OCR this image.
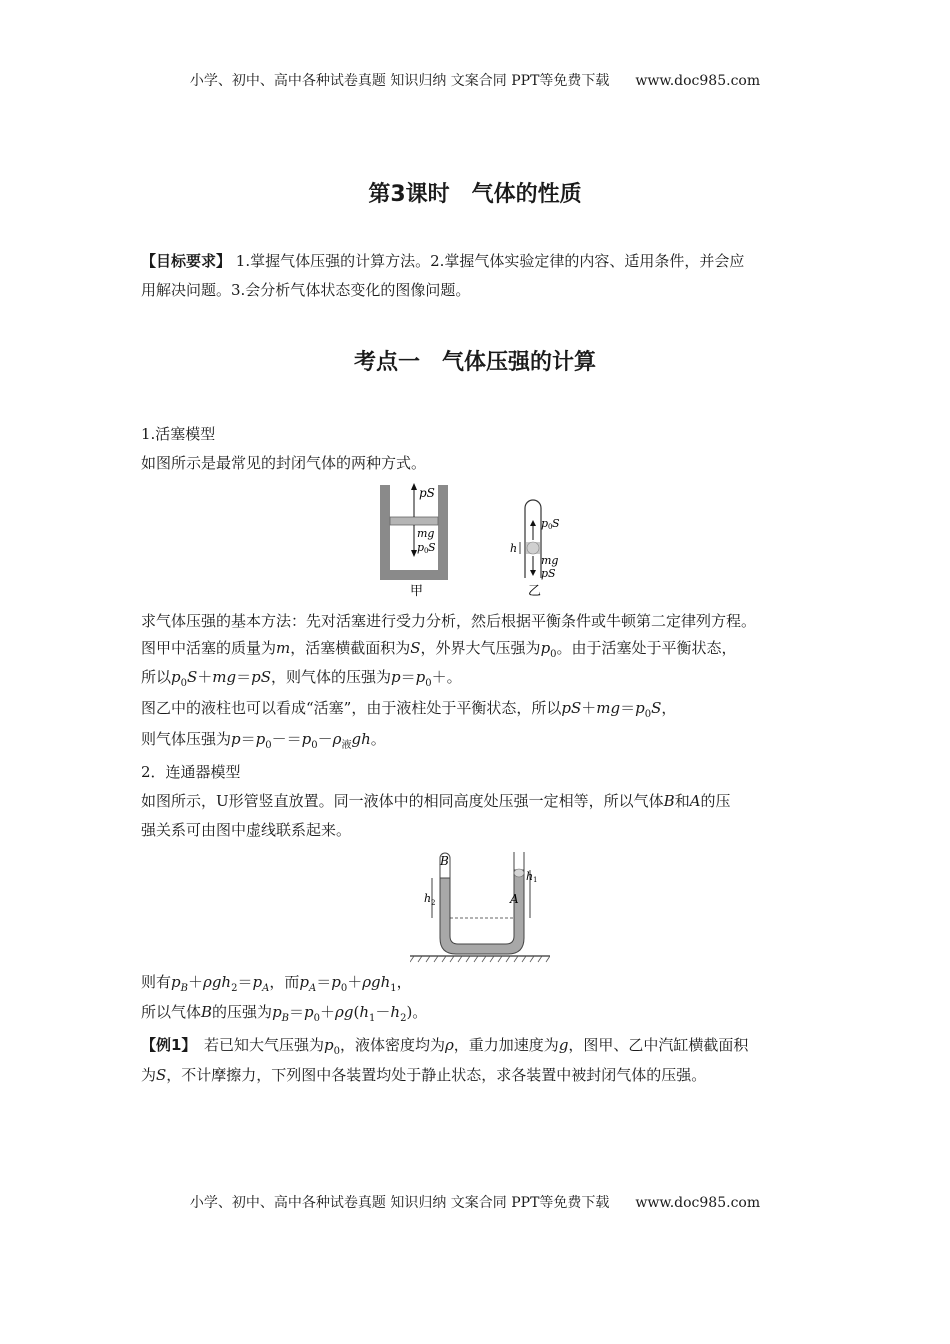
小学、初中、高中各种试卷真题 知识归纳 文案合同 PPT等免费下载 www.doc985.com
第3课时　气体的性质
【目标要求】 1.掌握气体压强的计算方法。2.掌握气体实验定律的内容、适用条件，并会应
用解决问题。3.会分析气体状态变化的图像问题。
考点一　气体压强的计算
1.活塞模型
如图所示是最常见的封闭气体的两种方式。
pS
mg
p 0 S
甲
p 0 S
mg
pS
h
乙
求气体压强的基本方法：先对活塞进行受力分析，然后根据平衡条件或牛顿第二定律列方程。
图甲中活塞的质量为m，活塞横截面积为S，外界大气压强为$p_0$。由于活塞处于平衡状态，
所以$p_0S+mg=pS$，则气体的压强为$p=p_0+$。
图乙中的液柱也可以看成“活塞”，由于液柱处于平衡状态，所以$pS+mg=p_0S$，
则气体压强为$p=p_0-=p_0-\rho_液gh$。
2．连通器模型
如图所示，U形管竖直放置。同一液体中的相同高度处压强一定相等，所以气体B和A的压
强关系可由图中虚线联系起来。
B
A
h 2
h 1
则有$p_B+\rho gh_2=p_A$，而$p_A=p_0+\rho gh_1$，
所以气体B的压强为$p_B=p_0+\rho g(h_1-h_2)$。
【例1】　 若已知大气压强为$p_0$，液体密度均为ρ，重力加速度为g，图甲、乙中汽缸横截面积
为S，不计摩擦力，下列图中各装置均处于静止状态，求各装置中被封闭气体的压强。
小学、初中、高中各种试卷真题 知识归纳 文案合同 PPT等免费下载 www.doc985.com
